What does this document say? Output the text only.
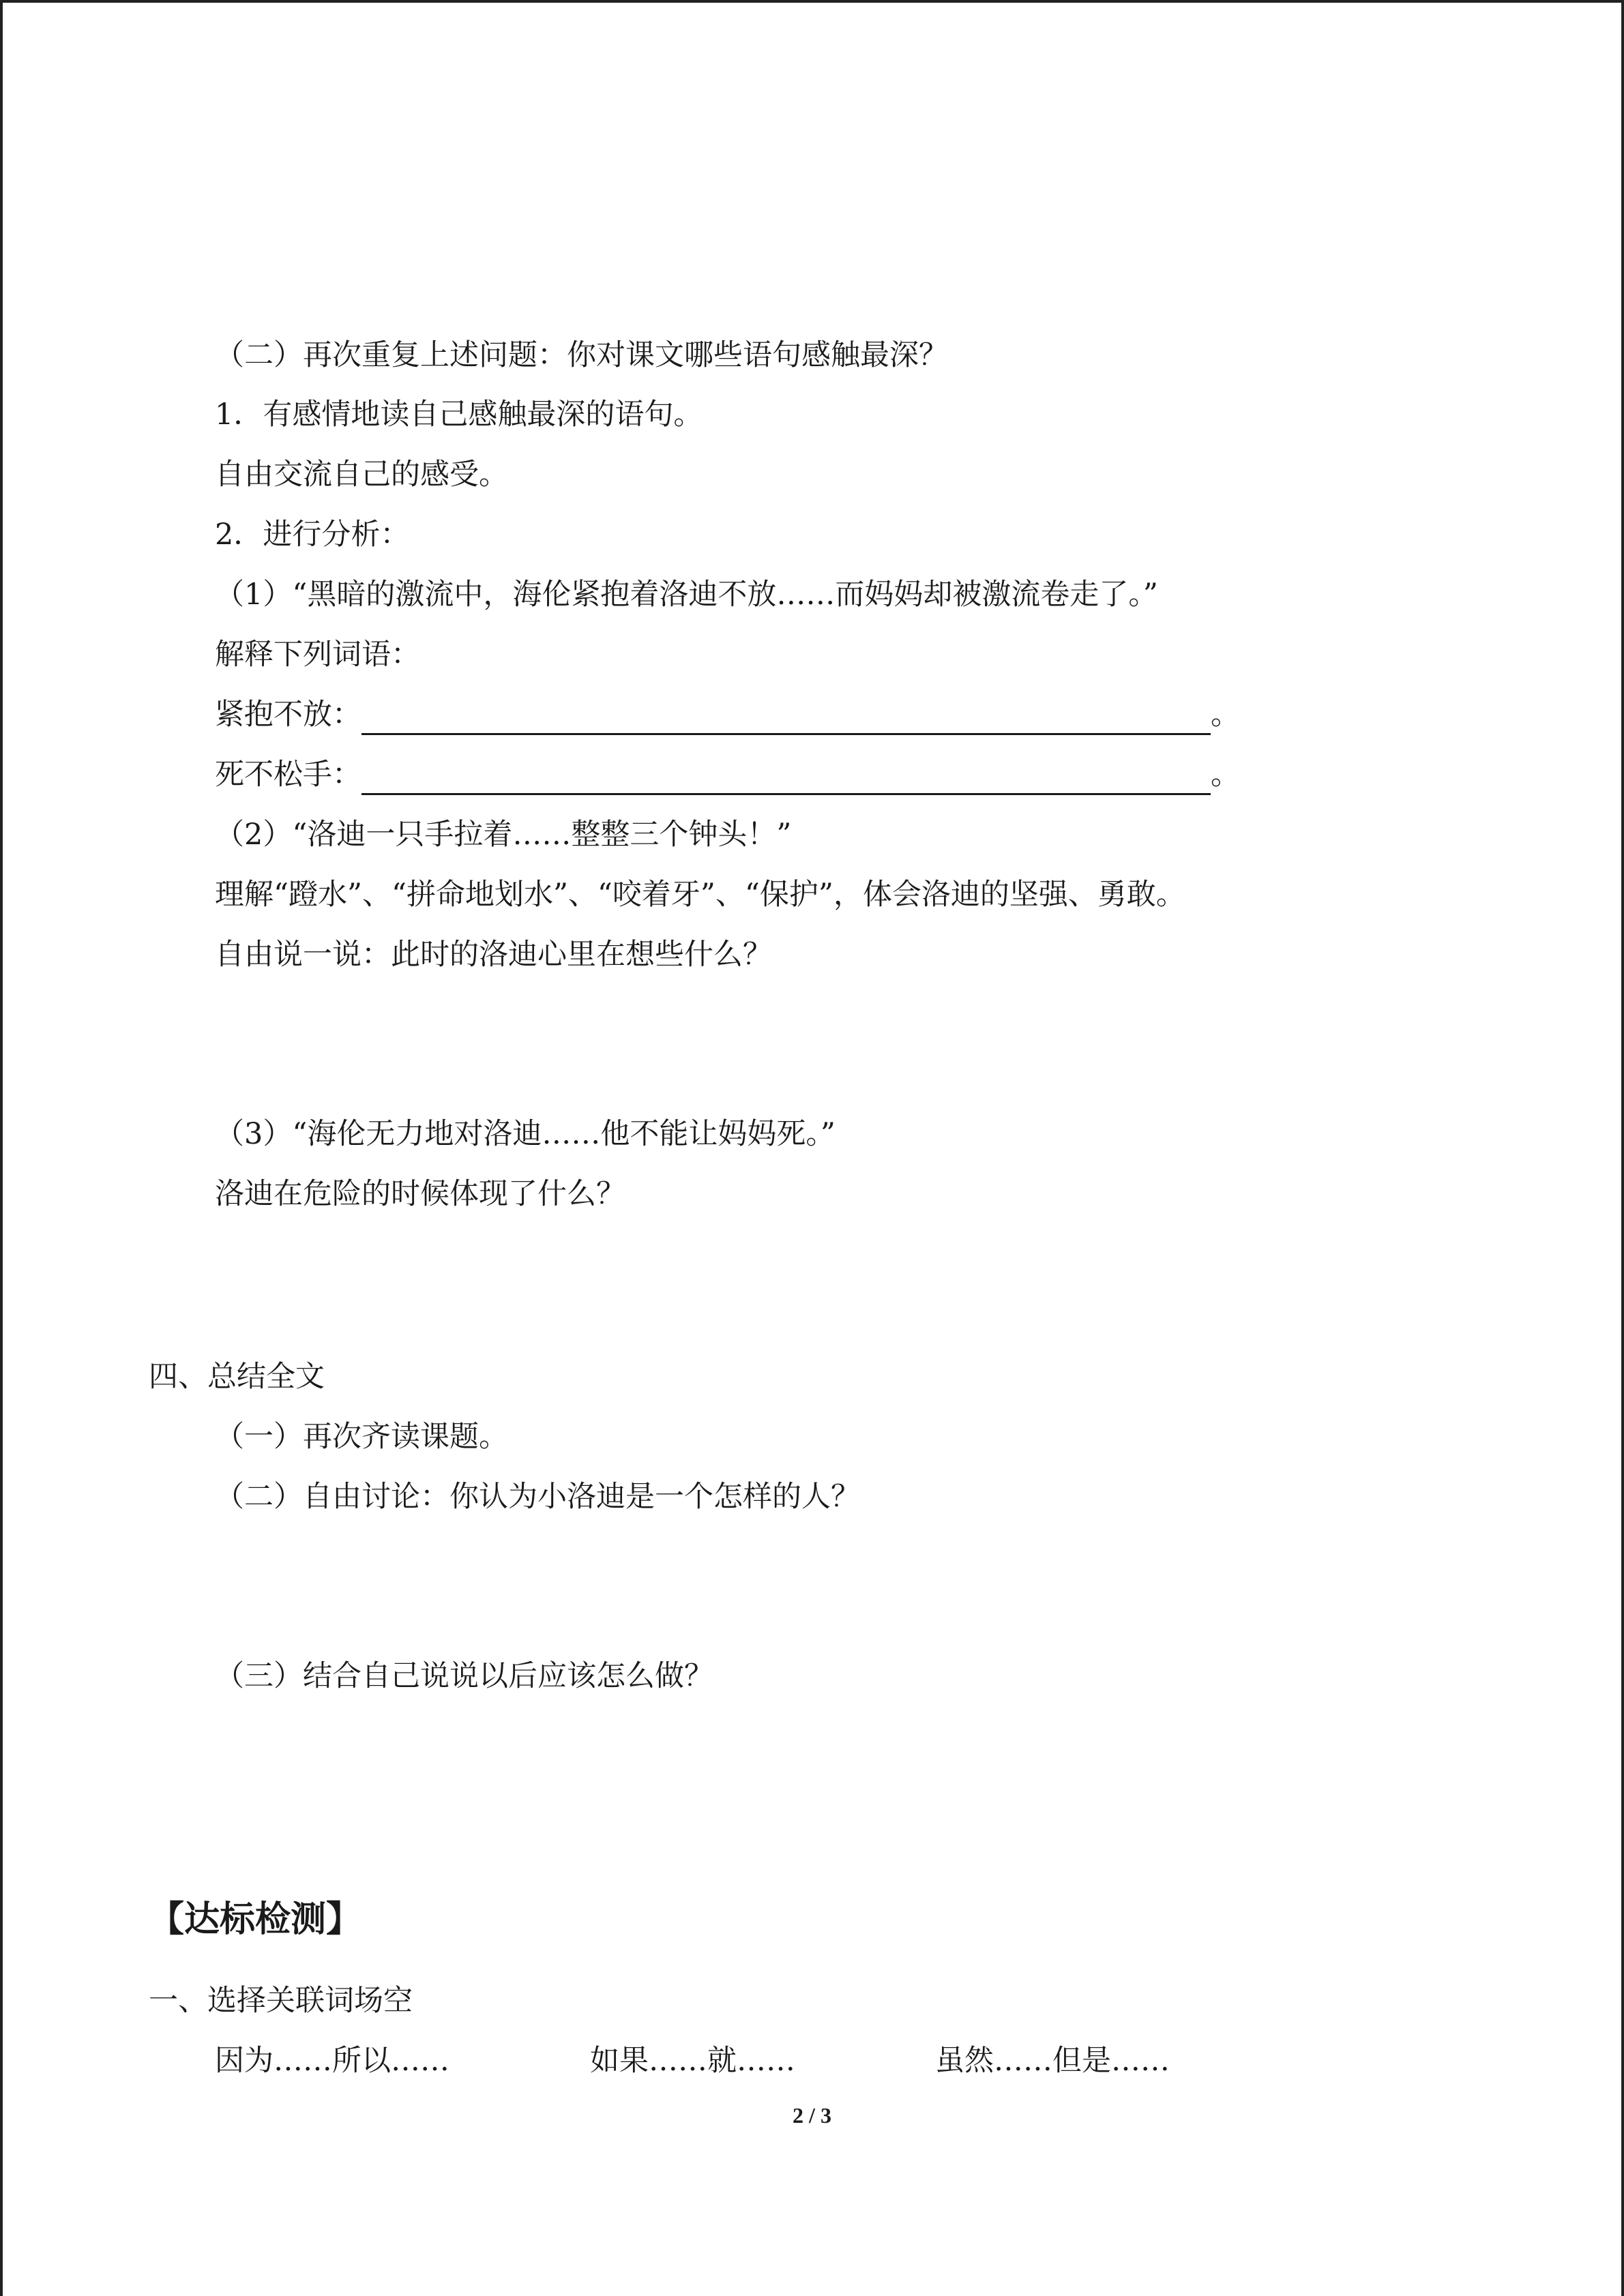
（二）再次重复上述问题：你对课文哪些语句感触最深？
1．有感情地读自己感触最深的语句。
自由交流自己的感受。
2．进行分析：
（1）“黑暗的激流中，海伦紧抱着洛迪不放……而妈妈却被激流卷走了。”
解释下列词语：
紧抱不放：	。
死不松手：	。
（2）“洛迪一只手拉着……整整三个钟头！”
理解“蹬水”、“拼命地划水”、“咬着牙”、“保护”，体会洛迪的坚强、勇敢。
自由说一说：此时的洛迪心里在想些什么？
（3）“海伦无力地对洛迪……他不能让妈妈死。”
洛迪在危险的时候体现了什么？
四、总结全文
（一）再次齐读课题。
（二）自由讨论：你认为小洛迪是一个怎样的人？
（三）结合自己说说以后应该怎么做？
【达标检测】
一、选择关联词场空
因为……所以……	如果……就……	虽然……但是……
2 / 3
